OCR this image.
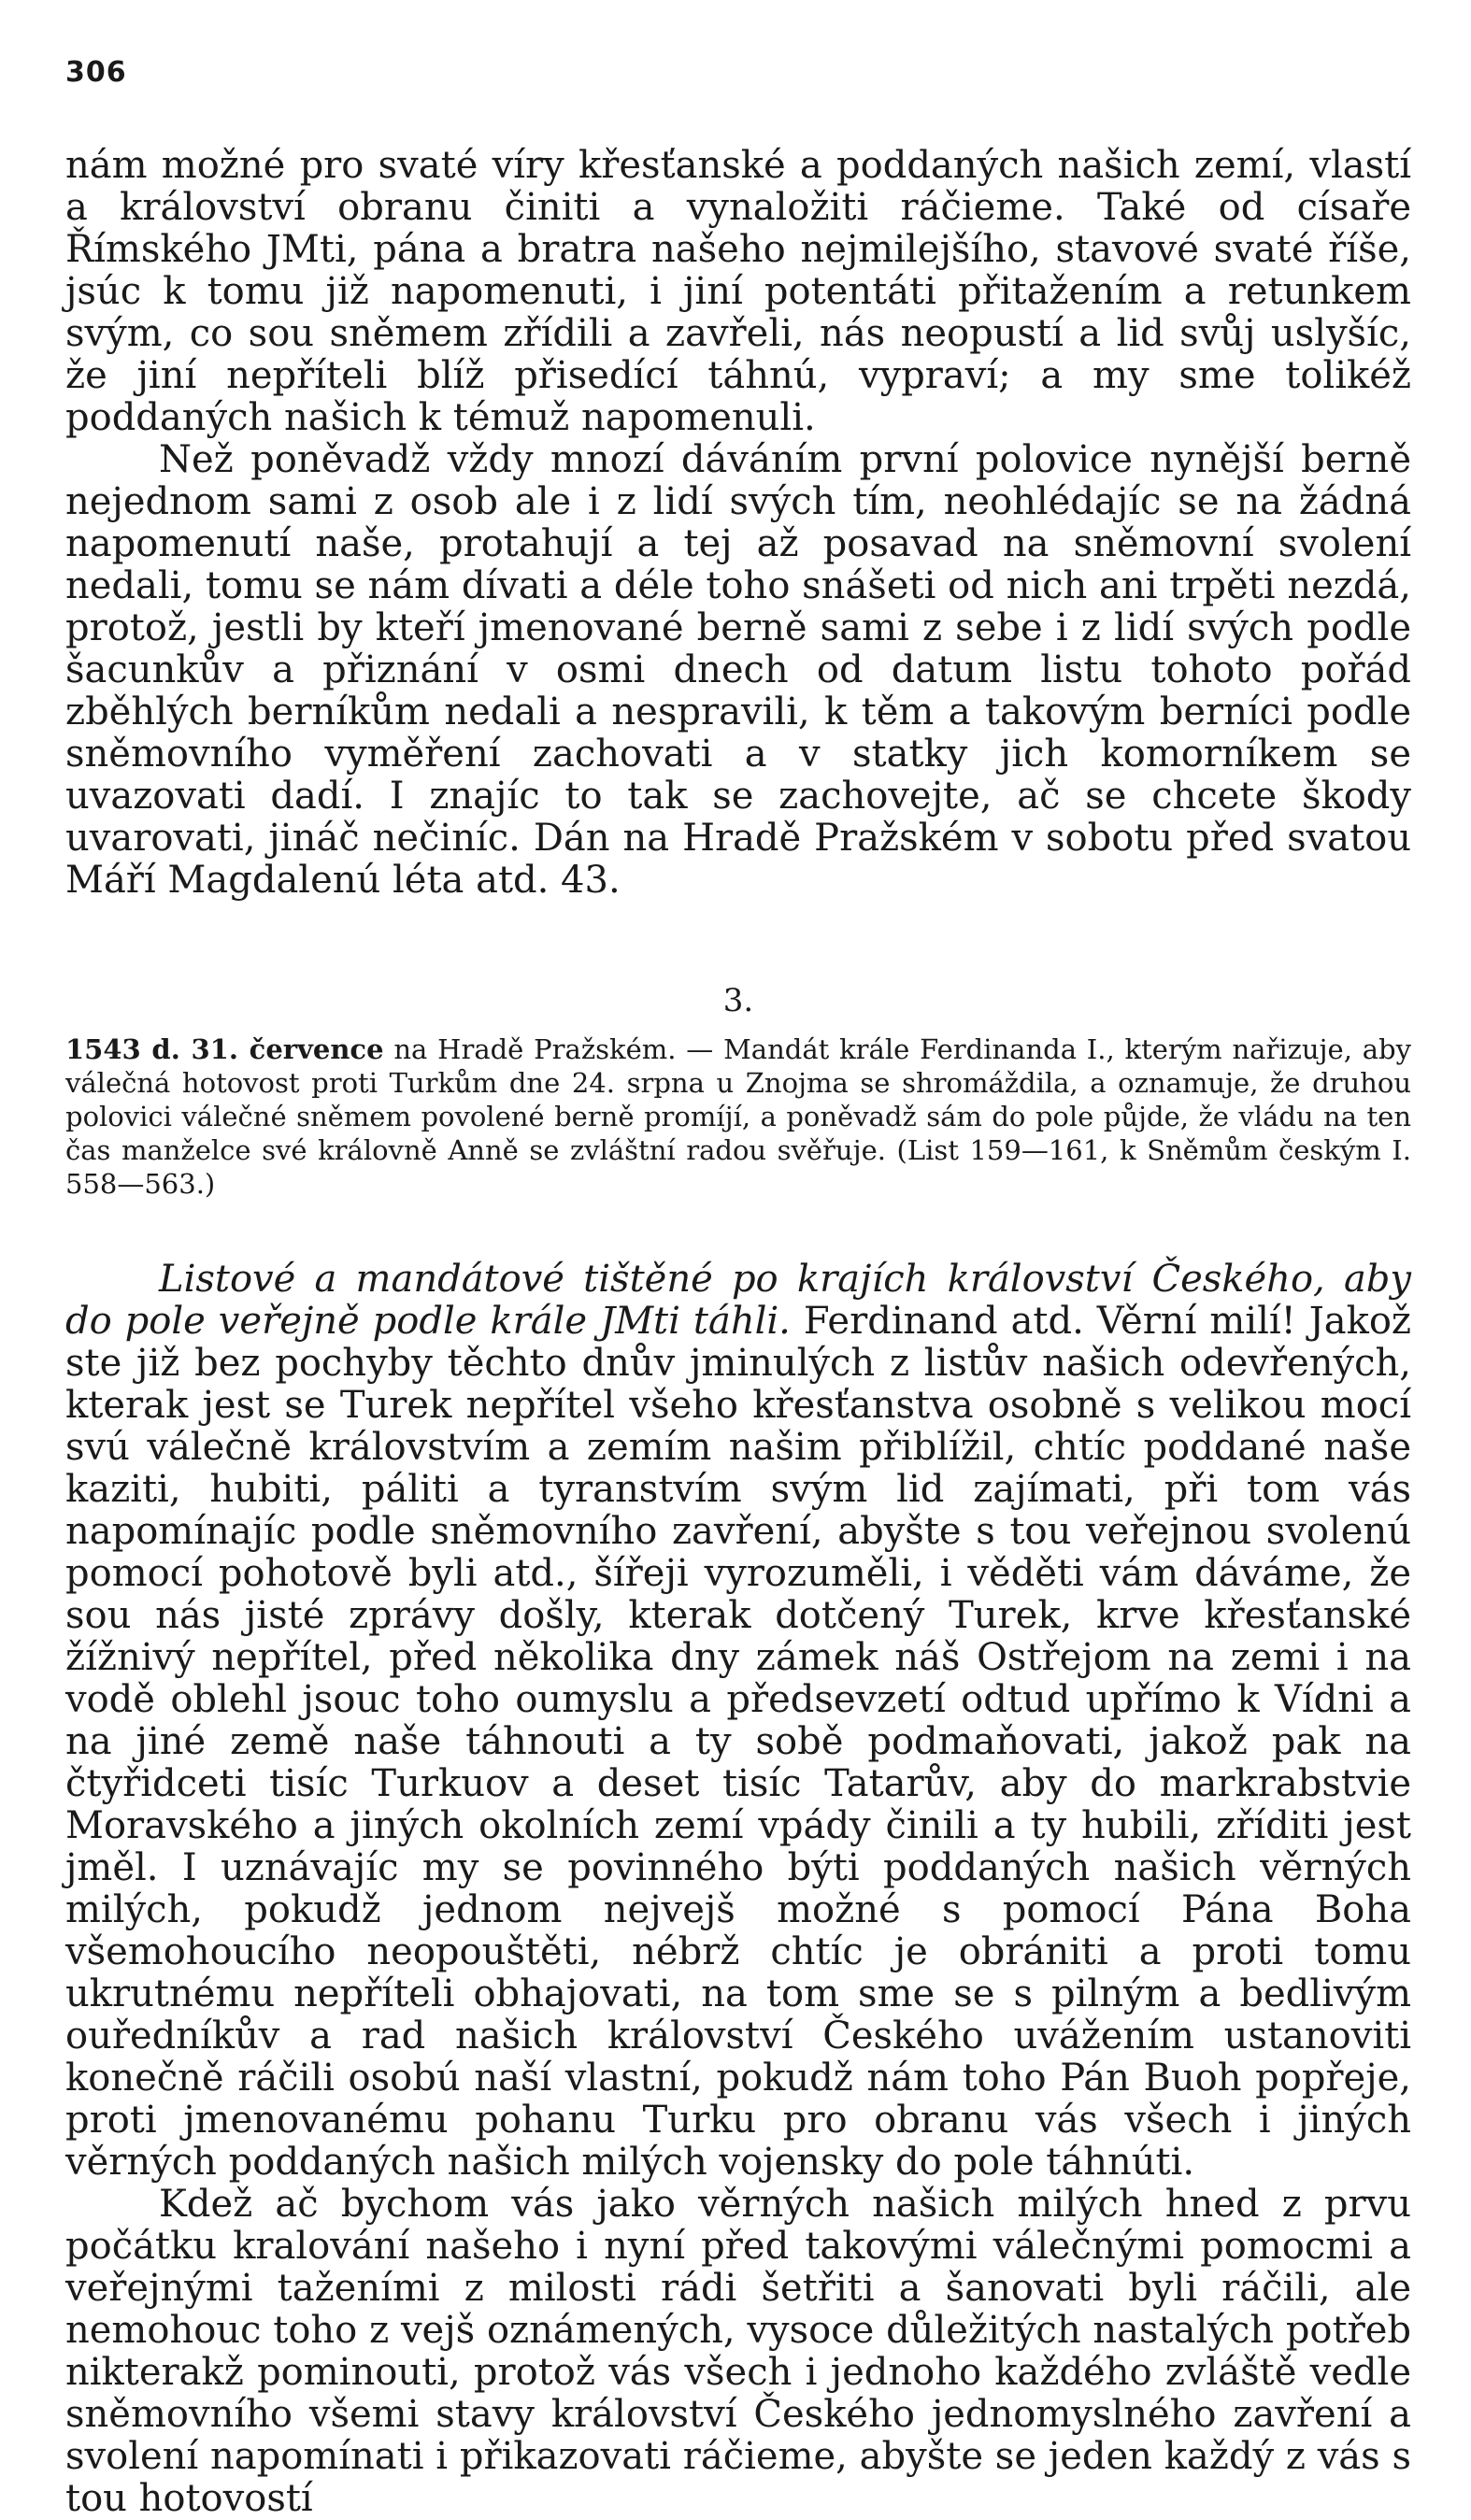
306

nám možné pro svaté víry křesťanské a poddaných našich zemí, vlastí a království obranu činiti a vynaložiti ráčieme. Také od císaře Římského JMti, pána a bratra našeho nejmilejšího, stavové svaté říše, jsúc k tomu již napomenuti, i jiní potentáti přitažením a retunkem svým, co sou sněmem zřídili a zavřeli, nás neopustí a lid svůj uslyšíc, že jiní nepříteli blíž přisedící táhnú, vypraví; a my sme tolikéž poddaných našich k témuž napomenuli.

Než poněvadž vždy mnozí dáváním první polovice nynější berně nejednom sami z osob ale i z lidí svých tím, neohlédajíc se na žádná napomenutí naše, protahují a tej až posavad na sněmovní svolení nedali, tomu se nám dívati a déle toho snášeti od nich ani trpěti nezdá, protož, jestli by kteří jmenované berně sami z sebe i z lidí svých podle šacunkův a přiznání v osmi dnech od datum listu tohoto pořád zběhlých berníkům nedali a nespravili, k těm a takovým berníci podle sněmovního vyměření zachovati a v statky jich komorníkem se uvazovati dadí. I znajíc to tak se zachovejte, ač se chcete škody uvarovati, jináč nečiníc. Dán na Hradě Pražském v sobotu před svatou Máří Magdalenú léta atd. 43.

3.

1543 d. 31. července na Hradě Pražském. — Mandát krále Ferdinanda I., kterým nařizuje, aby válečná hotovost proti Turkům dne 24. srpna u Znojma se shromáždila, a oznamuje, že druhou polovici válečné sněmem povolené berně promíjí, a poněvadž sám do pole půjde, že vládu na ten čas manželce své královně Anně se zvláštní radou svěřuje. (List 159—161, k Sněmům českým I. 558—563.)

Listové a mandátové tištěné po krajích království Českého, aby do pole veřejně podle krále JMti táhli. Ferdinand atd. Věrní milí! Jakož ste již bez pochyby těchto dnův jminulých z listův našich odevřených, kterak jest se Turek nepřítel všeho křesťanstva osobně s velikou mocí svú válečně královstvím a zemím našim přiblížil, chtíc poddané naše kaziti, hubiti, páliti a tyranstvím svým lid zajímati, při tom vás napomínajíc podle sněmovního zavření, abyšte s tou veřejnou svolenú pomocí pohotově byli atd., šířeji vyrozuměli, i věděti vám dáváme, že sou nás jisté zprávy došly, kterak dotčený Turek, krve křesťanské žížnivý nepřítel, před několika dny zámek náš Ostřejom na zemi i na vodě oblehl jsouc toho oumyslu a předsevzetí odtud upřímo k Vídni a na jiné země naše táhnouti a ty sobě podmaňovati, jakož pak na čtyřidceti tisíc Turkuov a deset tisíc Tatarův, aby do markrabstvie Moravského a jiných okolních zemí vpády činili a ty hubili, zříditi jest jměl. I uznávajíc my se povinného býti poddaných našich věrných milých, pokudž jednom nejvejš možné s pomocí Pána Boha všemohoucího neopouštěti, nébrž chtíc je obrániti a proti tomu ukrutnému nepříteli obhajovati, na tom sme se s pilným a bedlivým ouředníkův a rad našich království Českého uvážením ustanoviti konečně ráčili osobú naší vlastní, pokudž nám toho Pán Buoh popřeje, proti jmenovanému pohanu Turku pro obranu vás všech i jiných věrných poddaných našich milých vojensky do pole táhnúti.

Kdež ač bychom vás jako věrných našich milých hned z prvu počátku kralování našeho i nyní před takovými válečnými pomocmi a veřejnými taženími z milosti rádi šetřiti a šanovati byli ráčili, ale nemohouc toho z vejš oznámených, vysoce důležitých nastalých potřeb nikterakž pominouti, protož vás všech i jednoho každého zvláště vedle sněmovního všemi stavy království Českého jednomyslného zavření a svolení napomínati i přikazovati ráčieme, abyšte se jeden každý z vás s tou hotovostí
